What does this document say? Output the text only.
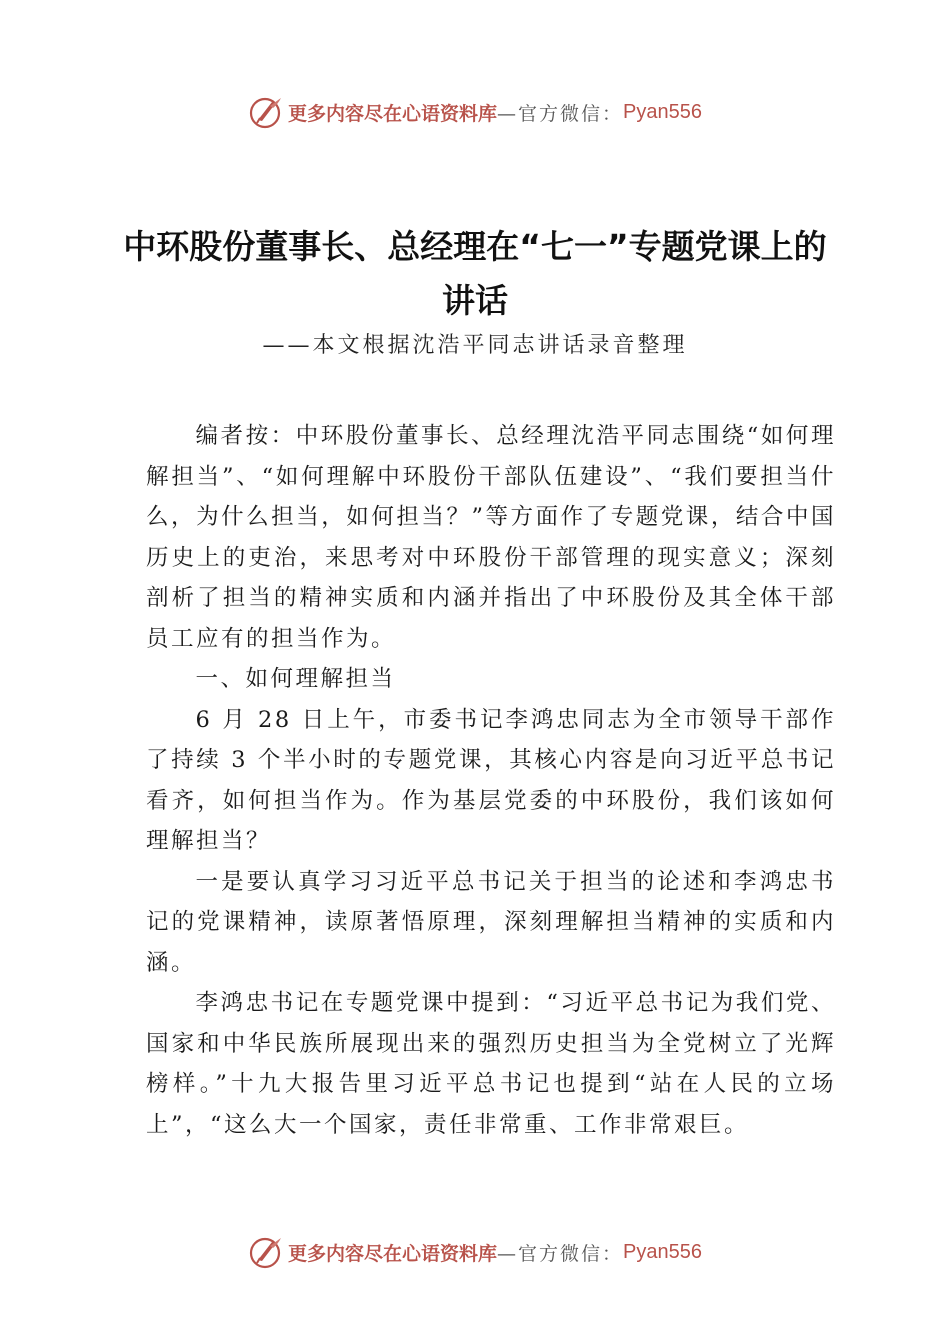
更多内容尽在心语资料库 —官方微信： Pyan556
中环股份董事长、总经理在“七一”专题党课上的讲话
——本文根据沈浩平同志讲话录音整理

编者按：中环股份董事长、总经理沈浩平同志围绕“如何理解担当”、“如何理解中环股份干部队伍建设”、“我们要担当什么，为什么担当，如何担当？”等方面作了专题党课，结合中国历史上的吏治，来思考对中环股份干部管理的现实意义；深刻剖析了担当的精神实质和内涵并指出了中环股份及其全体干部员工应有的担当作为。

一、如何理解担当

6 月 28 日上午，市委书记李鸿忠同志为全市领导干部作了持续 3 个半小时的专题党课，其核心内容是向习近平总书记看齐，如何担当作为。作为基层党委的中环股份，我们该如何理解担当？

一是要认真学习习近平总书记关于担当的论述和李鸿忠书记的党课精神，读原著悟原理，深刻理解担当精神的实质和内涵。

李鸿忠书记在专题党课中提到：“习近平总书记为我们党、国家和中华民族所展现出来的强烈历史担当为全党树立了光辉榜样。”十九大报告里习近平总书记也提到“站在人民的立场上”，“这么大一个国家，责任非常重、工作非常艰巨。

更多内容尽在心语资料库 —官方微信： Pyan556
